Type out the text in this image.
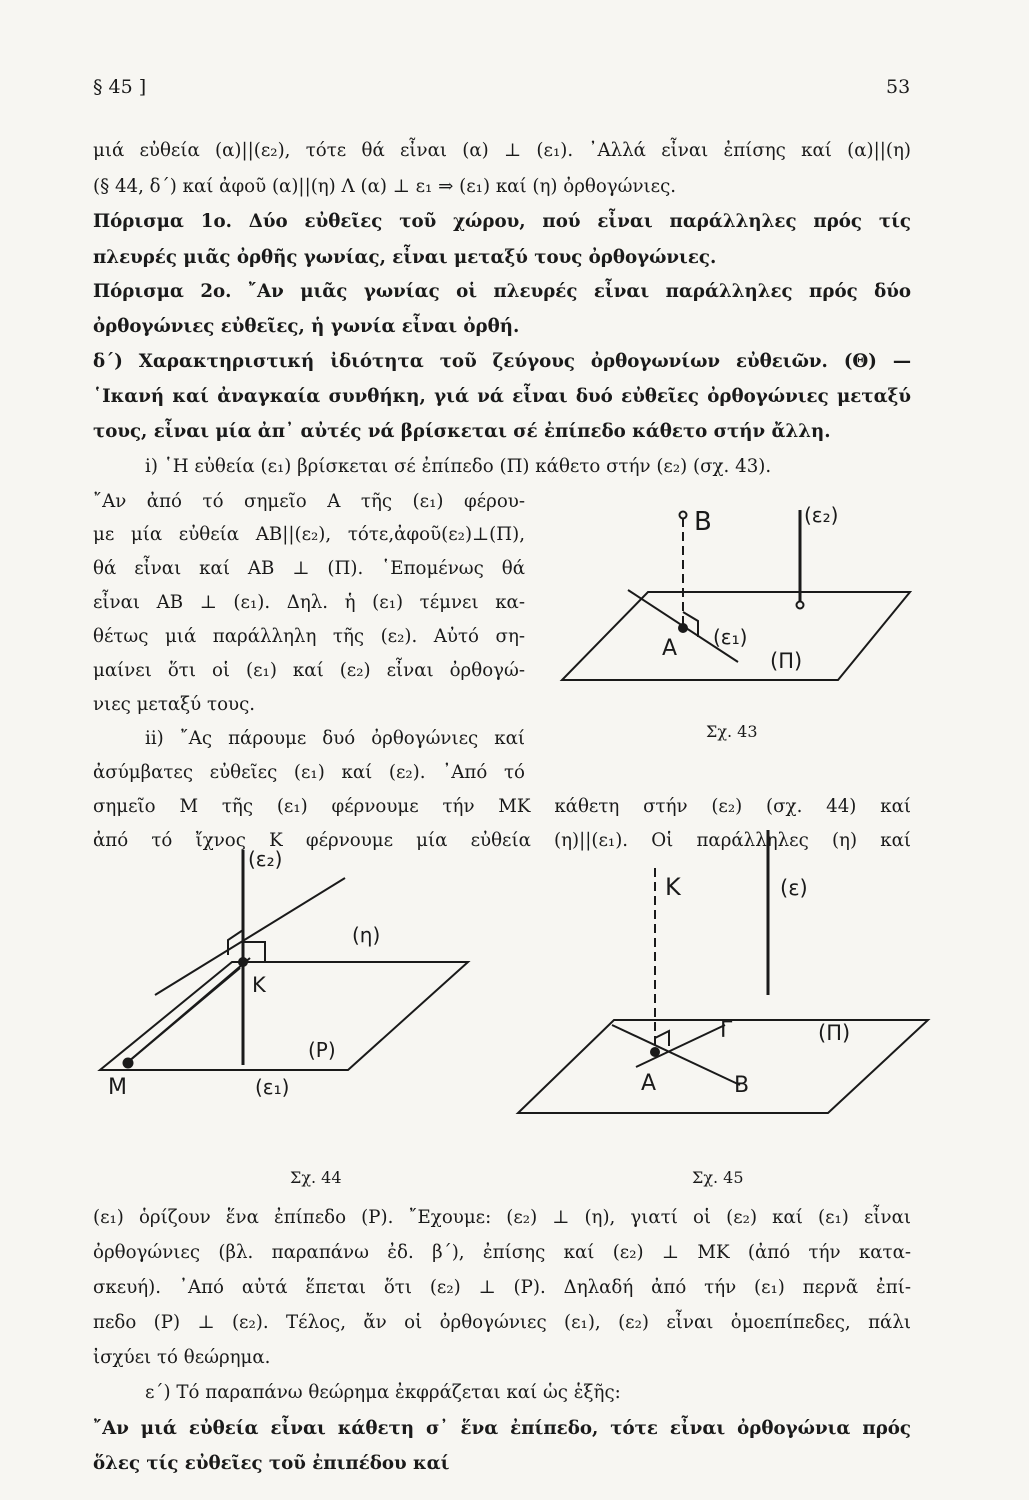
§ 45 ]	53
μιά εὐθεία (α)||(ε₂), τότε θά εἶναι (α) ⊥ (ε₁). ᾽Αλλά εἶναι ἐπίσης καί (α)||(η)
(§ 44, δ΄) καί ἀφοῦ (α)||(η) Λ (α) ⊥ ε₁ ⇒ (ε₁) καί (η) ὀρθογώνιες.
Πόρισμα 1ο. Δύο εὐθεῖες τοῦ χώρου, πού εἶναι παράλληλες πρός τίς
πλευρές μιᾶς ὀρθῆς γωνίας, εἶναι μεταξύ τους ὀρθογώνιες.
Πόρισμα 2ο. ῎Αν μιᾶς γωνίας οἱ πλευρές εἶναι παράλληλες πρός δύο
ὀρθογώνιες εὐθεῖες, ἡ γωνία εἶναι ὀρθή.
δ΄) Χαρακτηριστική ἰδιότητα τοῦ ζεύγους ὀρθογωνίων εὐθειῶν. (Θ) —
῾Ικανή καί ἀναγκαία συνθήκη, γιά νά εἶναι δυό εὐθεῖες ὀρθογώνιες μεταξύ
τους, εἶναι μία ἀπ᾽ αὐτές νά βρίσκεται σέ ἐπίπεδο κάθετο στήν ἄλλη.
i) ῾Η εὐθεία (ε₁) βρίσκεται σέ ἐπίπεδο (Π) κάθετο στήν (ε₂) (σχ. 43).
῎Αν ἀπό τό σημεῖο Α τῆς (ε₁) φέρου-
με μία εὐθεία ΑΒ||(ε₂), τότε,ἀφοῦ(ε₂)⊥(Π),
θά εἶναι καί ΑΒ ⊥ (Π). ῾Επομένως θά
εἶναι ΑΒ ⊥ (ε₁). Δηλ. ἡ (ε₁) τέμνει κα-
θέτως μιά παράλληλη τῆς (ε₂). Αὐτό ση-
μαίνει ὅτι οἱ (ε₁) καί (ε₂) εἶναι ὀρθογώ-
νιες μεταξύ τους.
ii) ῎Ας πάρουμε δυό ὀρθογώνιες καί
ἀσύμβατες εὐθεῖες (ε₁) καί (ε₂). ᾽Από τό
σημεῖο Μ τῆς (ε₁) φέρνουμε τήν ΜΚ κάθετη στήν (ε₂) (σχ. 44) καί
ἀπό τό ἴχνος Κ φέρνουμε μία εὐθεία (η)||(ε₁). Οἱ παράλληλες (η) καί
(ε₁) ὁρίζουν ἕνα ἐπίπεδο (Ρ). ῎Εχουμε: (ε₂) ⊥ (η), γιατί οἱ (ε₂) καί (ε₁) εἶναι
ὀρθογώνιες (βλ. παραπάνω ἐδ. β΄), ἐπίσης καί (ε₂) ⊥ ΜΚ (ἀπό τήν κατα-
σκευή). ᾽Από αὐτά ἕπεται ὅτι (ε₂) ⊥ (Ρ). Δηλαδή ἀπό τήν (ε₁) περνᾶ ἐπί-
πεδο (Ρ) ⊥ (ε₂). Τέλος, ἄν οἱ ὀρθογώνιες (ε₁), (ε₂) εἶναι ὁμοεπίπεδες, πάλι
ἰσχύει τό θεώρημα.
ε΄) Τό παραπάνω θεώρημα ἐκφράζεται καί ὡς ἑξῆς:
῎Αν μιά εὐθεία εἶναι κάθετη σ᾽ ἕνα ἐπίπεδο, τότε εἶναι ὀρθογώνια πρός
ὅλες τίς εὐθεῖες τοῦ ἐπιπέδου καί
Σχ. 43
Σχ. 44	Σχ. 45
B	(ε₂)
A (ε₁)
(Π)
(ε₂)
(η)
K
(P)
M	(ε₁)
K	(ε)
Γ	(Π)
A	B
